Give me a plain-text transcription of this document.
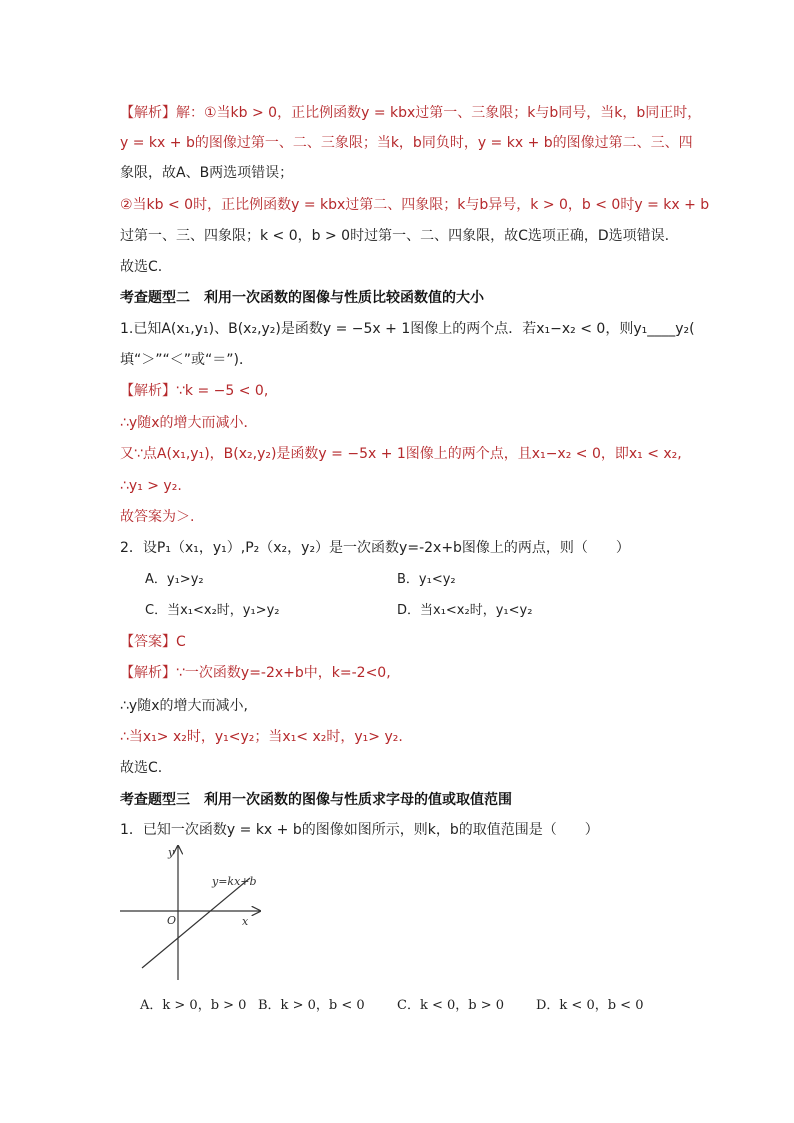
【解析】解：①当kb > 0，正比例函数y = kbx过第一、三象限；k与b同号，当k，b同正时，
y = kx + b的图像过第一、二、三象限；当k，b同负时，y = kx + b的图像过第二、三、四
象限，故A、B两选项错误；
②当kb < 0时，正比例函数y = kbx过第二、四象限；k与b异号，k > 0，b < 0时y = kx + b
过第一、三、四象限；k < 0，b > 0时过第一、二、四象限，故C选项正确，D选项错误.
故选C.
考查题型二　利用一次函数的图像与性质比较函数值的大小
1.已知A(x₁,y₁)、B(x₂,y₂)是函数y = −5x + 1图像上的两个点．若x₁−x₂ < 0，则y₁____y₂(
填“＞”“＜”或“＝”)．
【解析】∵k = −5 < 0,
∴y随x的增大而减小．
又∵点A(x₁,y₁)，B(x₂,y₂)是函数y = −5x + 1图像上的两个点，且x₁−x₂ < 0，即x₁ < x₂,
∴y₁ > y₂.
故答案为＞.
2．设P₁（x₁，y₁）,P₂（x₂，y₂）是一次函数y=-2x+b图像上的两点，则（　　）
A．y₁>y₂	B．y₁<y₂
C．当x₁<x₂时，y₁>y₂	D．当x₁<x₂时，y₁<y₂
【答案】C
【解析】∵一次函数y=-2x+b中，k=-2<0,
∴y随x的增大而减小,
∴当x₁> x₂时，y₁<y₂；当x₁< x₂时，y₁> y₂.
故选C.
考查题型三　利用一次函数的图像与性质求字母的值或取值范围
1．已知一次函数y = kx + b的图像如图所示，则k，b的取值范围是（　　）
y=kx+b
x
y
O
A．k > 0，b > 0 B．k > 0，b < 0 C．k < 0，b > 0 D．k < 0，b < 0
